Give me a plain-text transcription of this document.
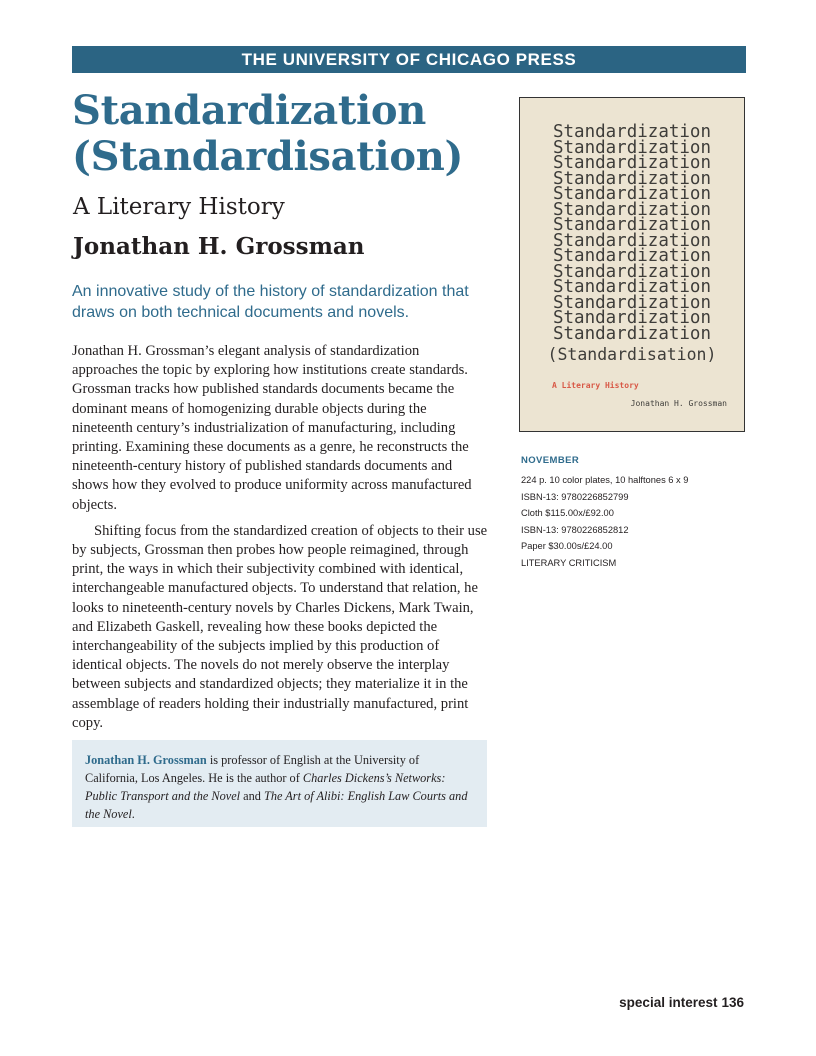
THE UNIVERSITY OF CHICAGO PRESS
Standardization
(Standardisation)
A Literary History
Jonathan H. Grossman
An innovative study of the history of standardization that draws on both technical documents and novels.

Jonathan H. Grossman’s elegant analysis of standardization approaches the topic by exploring how institutions create standards. Grossman tracks how published standards documents became the dominant means of homogenizing durable objects during the nineteenth century’s industrialization of manufacturing, including printing. Examining these documents as a genre, he reconstructs the nineteenth-century history of published standards documents and shows how they evolved to produce uniformity across manufactured objects.

Shifting focus from the standardized creation of objects to their use by subjects, Grossman then probes how people reimagined, through print, the ways in which their subjectivity combined with identical, interchangeable manufactured objects. To understand that relation, he looks to nineteenth-century novels by Charles Dickens, Mark Twain, and Elizabeth Gaskell, revealing how these books depicted the interchangeability of the subjects implied by this production of identical objects. The novels do not merely observe the interplay between subjects and standardized objects; they materialize it in the assemblage of readers holding their industrially manufactured, print copy.

Jonathan H. Grossman is professor of English at the University of California, Los Angeles. He is the author of Charles Dickens’s Networks: Public Transport and the Novel and The Art of Alibi: English Law Courts and the Novel.
Standardization
Standardization
Standardization
Standardization
Standardization
Standardization
Standardization
Standardization
Standardization
Standardization
Standardization
Standardization
Standardization
Standardization
(Standardisation)
A Literary History
Jonathan H. Grossman
NOVEMBER
224 p. 10 color plates, 10 halftones 6 x 9
ISBN-13: 9780226852799
Cloth $115.00x/£92.00
ISBN-13: 9780226852812
Paper $30.00s/£24.00
LITERARY CRITICISM
special interest 136
